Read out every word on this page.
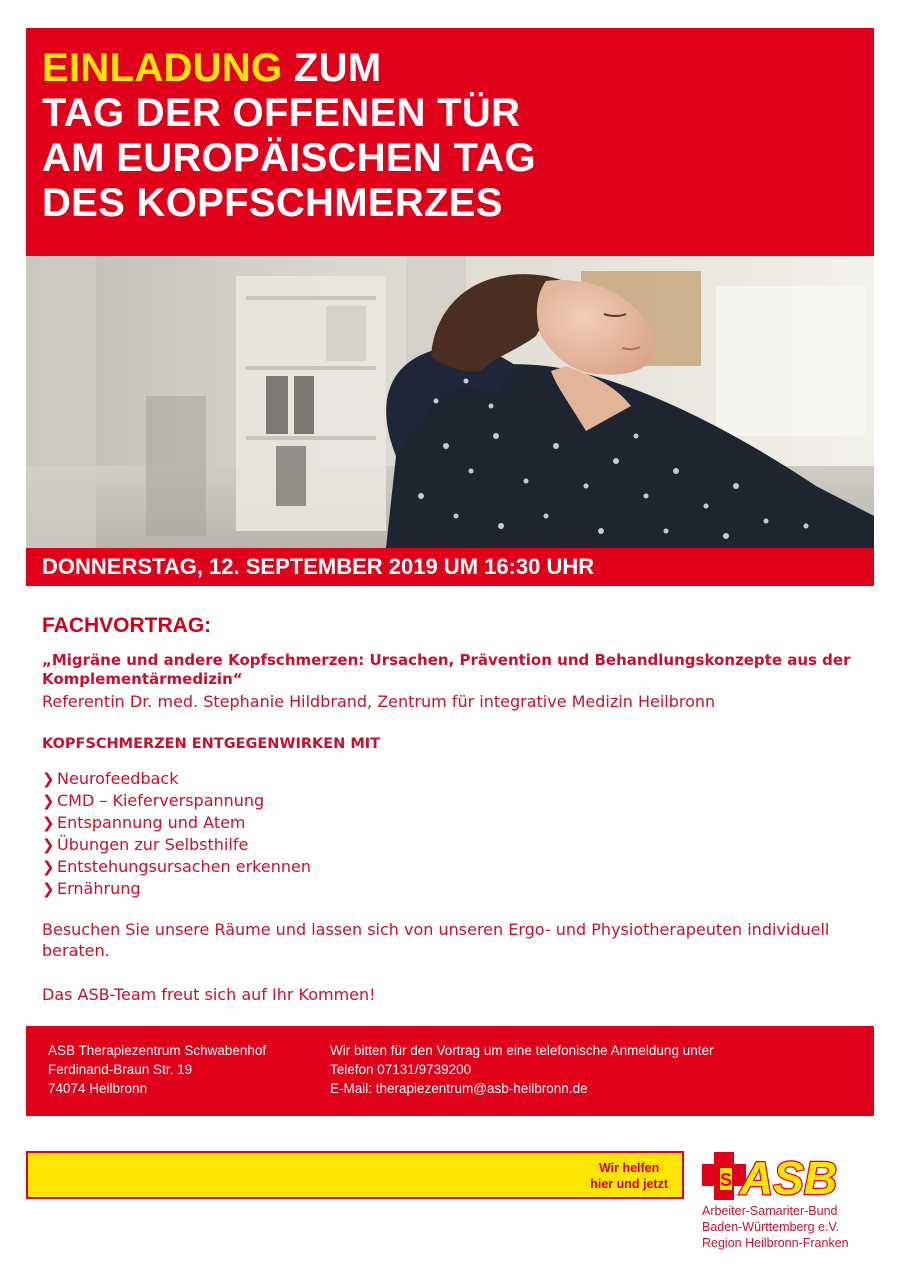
EINLADUNG ZUM
TAG DER OFFENEN TÜR
AM EUROPÄISCHEN TAG
DES KOPFSCHMERZES
DONNERSTAG, 12. SEPTEMBER 2019 UM 16:30 UHR
FACHVORTRAG:
„Migräne und andere Kopfschmerzen: Ursachen, Prävention und Behandlungskonzepte aus der Komplementärmedizin“
Referentin Dr. med. Stephanie Hildbrand, Zentrum für integrative Medizin Heilbronn
KOPFSCHMERZEN ENTGEGENWIRKEN MIT
❯ Neurofeedback
❯ CMD – Kieferverspannung
❯ Entspannung und Atem
❯ Übungen zur Selbsthilfe
❯ Entstehungsursachen erkennen
❯ Ernährung
Besuchen Sie unsere Räume und lassen sich von unseren Ergo- und Physiotherapeuten individuell beraten.
Das ASB-Team freut sich auf Ihr Kommen!
ASB Therapiezentrum Schwabenhof
Ferdinand-Braun Str. 19
74074 Heilbronn
Wir bitten für den Vortrag um eine telefonische Anmeldung unter
Telefon 07131/9739200
E-Mail: therapiezentrum@asb-heilbronn.de
Wir helfen
hier und jetzt	S ASB
Arbeiter-Samariter-Bund
Baden-Württemberg e.V.
Region Heilbronn-Franken
